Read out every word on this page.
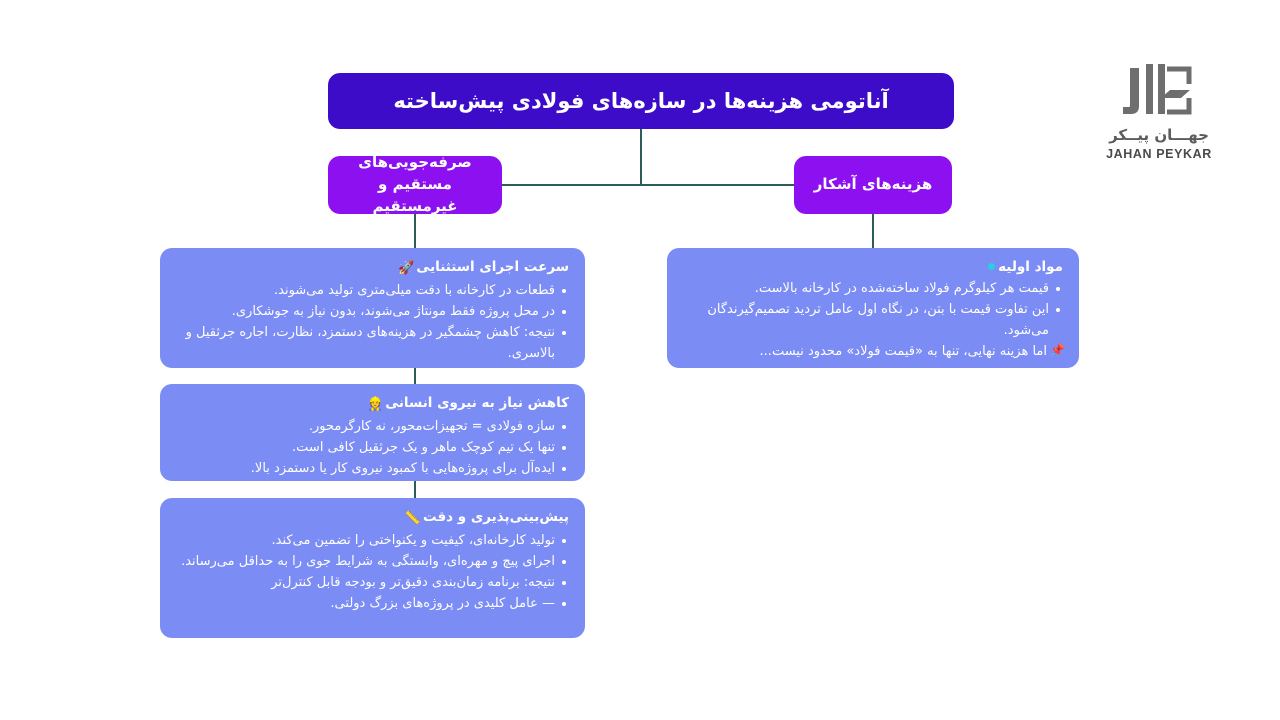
آناتومی هزینه‌ها در سازه‌های فولادی پیش‌ساخته
صرفه‌جویی‌های
مستقیم و غیرمستقیم
هزینه‌های آشکار
سرعت اجرای استثنایی🚀
قطعات در کارخانه با دقت میلی‌متری تولید می‌شوند.
در محل پروژه فقط مونتاژ می‌شوند، بدون نیاز به جوشکاری.
نتیجه: کاهش چشمگیر در هزینه‌های دستمزد، نظارت، اجاره جرثقیل و بالاسری.
کاهش نیاز به نیروی انسانی👷
سازه فولادی = تجهیزات‌محور، نه کارگرمحور.
تنها یک تیم کوچک ماهر و یک جرثقیل کافی است.
ایده‌آل برای پروژه‌هایی با کمبود نیروی کار یا دستمزد بالا.
پیش‌بینی‌پذیری و دقت📏
تولید کارخانه‌ای، کیفیت و یکنواختی را تضمین می‌کند.
اجرای پیچ و مهره‌ای، وابستگی به شرایط جوی را به حداقل می‌رساند.
نتیجه: برنامه زمان‌بندی دقیق‌تر و بودجه قابل کنترل‌تر
— عامل کلیدی در پروژه‌های بزرگ دولتی.
مواد اولیه
قیمت هر کیلوگرم فولاد ساخته‌شده در کارخانه بالاست.
این تفاوت قیمت با بتن، در نگاه اول عامل تردید تصمیم‌گیرندگان می‌شود.
📌 اما هزینه نهایی، تنها به «قیمت فولاد» محدود نیست...
جهـــان پیــکر
JAHAN PEYKAR
